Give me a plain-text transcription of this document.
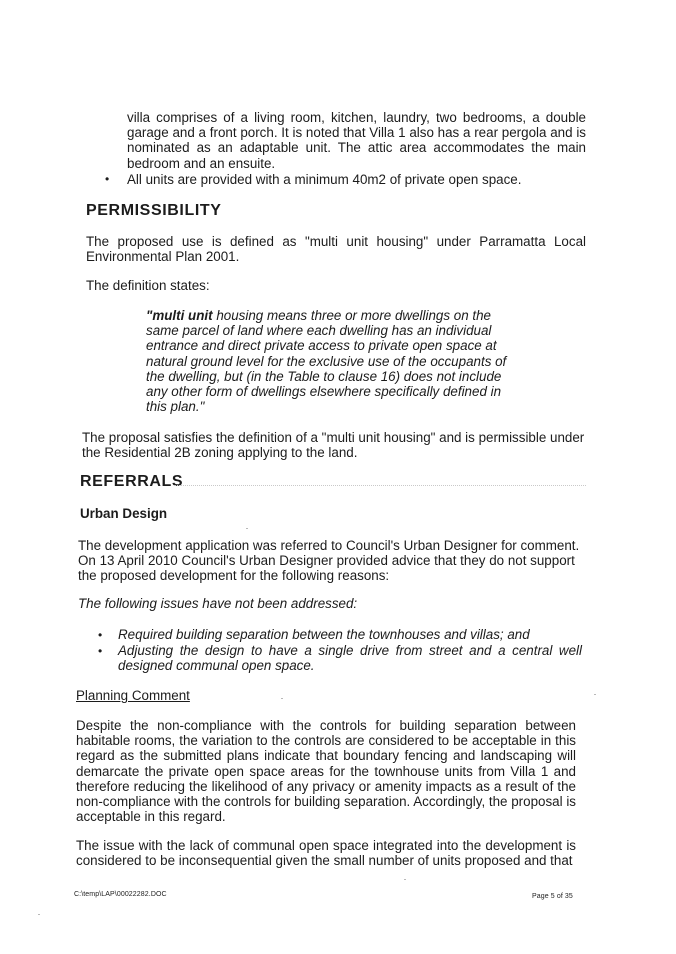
villa comprises of a living room, kitchen, laundry, two bedrooms, a double garage and a front porch. It is noted that Villa 1 also has a rear pergola and is nominated as an adaptable unit. The attic area accommodates the main bedroom and an ensuite.

• All units are provided with a minimum 40m2 of private open space.

PERMISSIBILITY

The proposed use is defined as "multi unit housing" under Parramatta Local Environmental Plan 2001.

The definition states:

"multi unit housing means three or more dwellings on the same parcel of land where each dwelling has an individual entrance and direct private access to private open space at natural ground level for the exclusive use of the occupants of the dwelling, but (in the Table to clause 16) does not include any other form of dwellings elsewhere specifically defined in this plan."

The proposal satisfies the definition of a "multi unit housing" and is permissible under the Residential 2B zoning applying to the land.

REFERRALS
Urban Design

The development application was referred to Council's Urban Designer for comment. On 13 April 2010 Council's Urban Designer provided advice that they do not support the proposed development for the following reasons:

The following issues have not been addressed:

• Required building separation between the townhouses and villas; and

• Adjusting the design to have a single drive from street and a central well designed communal open space.

Planning Comment

Despite the non-compliance with the controls for building separation between habitable rooms, the variation to the controls are considered to be acceptable in this regard as the submitted plans indicate that boundary fencing and landscaping will demarcate the private open space areas for the townhouse units from Villa 1 and therefore reducing the likelihood of any privacy or amenity impacts as a result of the non-compliance with the controls for building separation. Accordingly, the proposal is acceptable in this regard.

The issue with the lack of communal open space integrated into the development is considered to be inconsequential given the small number of units proposed and that

C:\temp\LAP\00022282.DOC	Page 5 of 35
